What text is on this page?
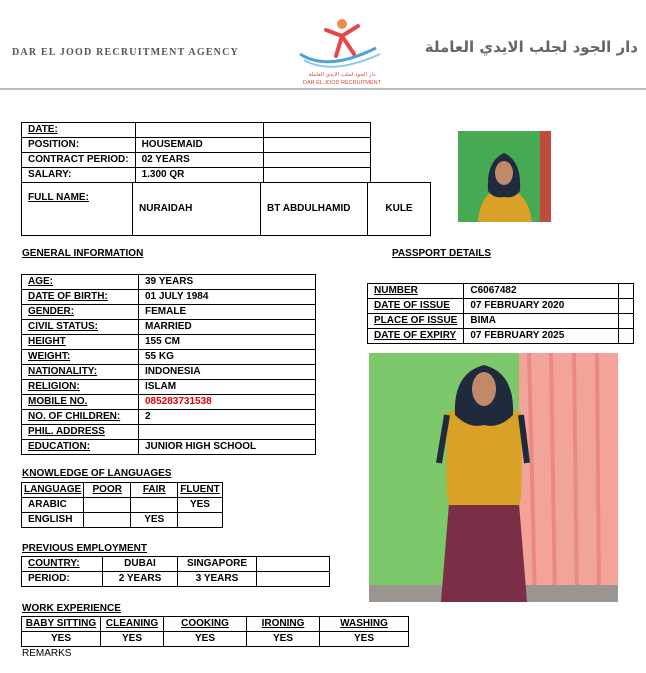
DAR EL JOOD RECRUITMENT AGENCY
دار الجود لجلب الايدي العاملة
DAR EL JOOD RECRUITMENT
دار الجود لجلب الايدي العاملة
DATE:		
POSITION:	HOUSEMAID	
CONTRACT PERIOD:	02 YEARS	
SALARY:	1.300 QR	
FULL NAME:	NURAIDAH	BT ABDULHAMID	KULE
GENERAL INFORMATION	PASSPORT DETAILS
AGE:	39 YEARS
DATE OF BIRTH:	01 JULY 1984
GENDER:	FEMALE
CIVIL STATUS:	MARRIED
HEIGHT	155 CM
WEIGHT:	55 KG
NATIONALITY:	INDONESIA
RELIGION:	ISLAM
MOBILE NO.	085283731538
NO. OF CHILDREN:	2
PHIL. ADDRESS	
EDUCATION:	JUNIOR HIGH SCHOOL
NUMBER	C6067482	
DATE OF ISSUE	07 FEBRUARY 2020	
PLACE OF ISSUE	BIMA	
DATE OF EXPIRY	07 FEBRUARY 2025	
KNOWLEDGE OF LANGUAGES
LANGUAGE	POOR	FAIR	FLUENT
ARABIC			YES
ENGLISH		YES	
PREVIOUS EMPLOYMENT
COUNTRY:	DUBAI	SINGAPORE	
PERIOD:	2 YEARS	3 YEARS	
WORK EXPERIENCE
BABY SITTING	CLEANING	COOKING	IRONING	WASHING
YES	YES	YES	YES	YES
REMARKS
